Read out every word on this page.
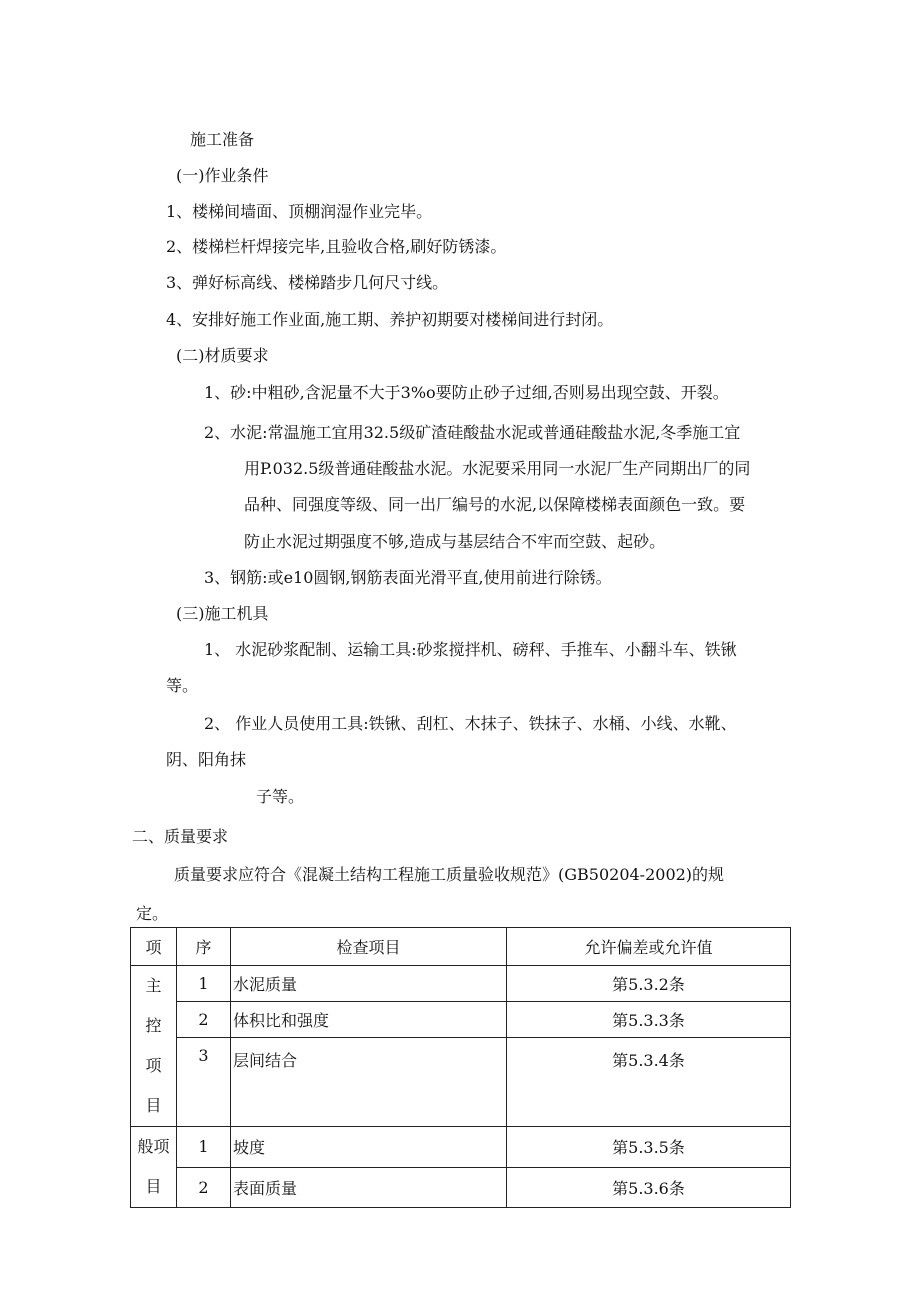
施工准备
(一)作业条件
1、楼梯间墙面、顶棚润湿作业完毕。
2、楼梯栏杆焊接完毕,且验收合格,刷好防锈漆。
3、弹好标高线、楼梯踏步几何尺寸线。
4、安排好施工作业面,施工期、养护初期要对楼梯间进行封闭。
(二)材质要求
1、砂:中粗砂,含泥量不大于3%o要防止砂子过细,否则易出现空鼓、开裂。
2、水泥:常温施工宜用32.5级矿渣硅酸盐水泥或普通硅酸盐水泥,冬季施工宜
用P.032.5级普通硅酸盐水泥。水泥要采用同一水泥厂生产同期出厂的同
品种、同强度等级、同一出厂编号的水泥,以保障楼梯表面颜色一致。要
防止水泥过期强度不够,造成与基层结合不牢而空鼓、起砂。
3、钢筋:或e10圆钢,钢筋表面光滑平直,使用前进行除锈。
(三)施工机具
1、 水泥砂浆配制、运输工具:砂浆搅拌机、磅秤、手推车、小翻斗车、铁锹
等。
2、 作业人员使用工具:铁锹、刮杠、木抹子、铁抹子、水桶、小线、水靴、
阴、阳角抹
子等。
二、质量要求
质量要求应符合《混凝土结构工程施工质量验收规范》(GB50204-2002)的规
定。
项	序	检查项目	允许偏差或允许值
主
控
项
目	1	水泥质量	第5.3.2条
	2	体积比和强度	第5.3.3条
	3	层间结合	第5.3.4条
般项
目	1	坡度	第5.3.5条
	2	表面质量	第5.3.6条
